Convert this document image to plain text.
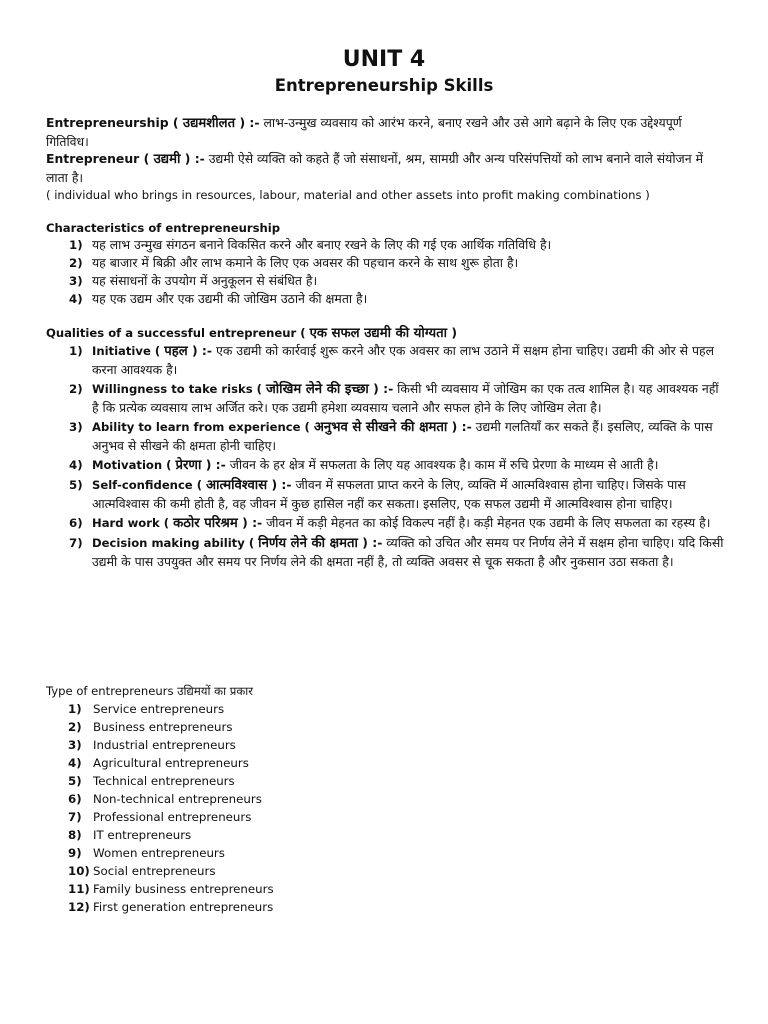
UNIT 4
Entrepreneurship Skills
Entrepreneurship ( उद्यमशीलत ) :- लाभ-उन्मुख व्यवसाय को आरंभ करने, बनाए रखने और उसे आगे बढ़ाने के लिए एक उद्देश्यपूर्ण गितिविध।
Entrepreneur ( उद्यमी ) :- उद्यमी ऐसे व्यक्ति को कहते हैं जो संसाधनों, श्रम, सामग्री और अन्य परिसंपत्तियों को लाभ बनाने वाले संयोजन में लाता है।
( individual who brings in resources, labour, material and other assets into profit making combinations )
Characteristics of entrepreneurship
1) यह लाभ उन्मुख संगठन बनाने विकसित करने और बनाए रखने के लिए की गई एक आर्थिक गतिविधि है।
2) यह बाजार में बिक्री और लाभ कमाने के लिए एक अवसर की पहचान करने के साथ शुरू होता है।
3) यह संसाधनों के उपयोग में अनुकूलन से संबंधित है।
4) यह एक उद्यम और एक उद्यमी की जोखिम उठाने की क्षमता है।
Qualities of a successful entrepreneur ( एक सफल उद्यमी की योग्यता )
1) Initiative ( पहल ) :- एक उद्यमी को कार्रवाई शुरू करने और एक अवसर का लाभ उठाने में सक्षम होना चाहिए। उद्यमी की ओर से पहल करना आवश्यक है।
2) Willingness to take risks ( जोखिम लेने की इच्छा ) :- किसी भी व्यवसाय में जोखिम का एक तत्व शामिल है। यह आवश्यक नहीं है कि प्रत्येक व्यवसाय लाभ अर्जित करे। एक उद्यमी हमेशा व्यवसाय चलाने और सफल होने के लिए जोखिम लेता है।
3) Ability to learn from experience ( अनुभव से सीखने की क्षमता ) :- उद्यमी गलतियाँ कर सकते हैं। इसलिए, व्यक्ति के पास अनुभव से सीखने की क्षमता होनी चाहिए।
4) Motivation ( प्रेरणा ) :- जीवन के हर क्षेत्र में सफलता के लिए यह आवश्यक है। काम में रुचि प्रेरणा के माध्यम से आती है।
5) Self-confidence ( आत्मविश्वास ) :- जीवन में सफलता प्राप्त करने के लिए, व्यक्ति में आत्मविश्वास होना चाहिए। जिसके पास आत्मविश्वास की कमी होती है, वह जीवन में कुछ हासिल नहीं कर सकता। इसलिए, एक सफल उद्यमी में आत्मविश्वास होना चाहिए।
6) Hard work ( कठोर परिश्रम ) :- जीवन में कड़ी मेहनत का कोई विकल्प नहीं है। कड़ी मेहनत एक उद्यमी के लिए सफलता का रहस्य है।
7) Decision making ability ( निर्णय लेने की क्षमता ) :- व्यक्ति को उचित और समय पर निर्णय लेने में सक्षम होना चाहिए। यदि किसी उद्यमी के पास उपयुक्त और समय पर निर्णय लेने की क्षमता नहीं है, तो व्यक्ति अवसर से चूक सकता है और नुकसान उठा सकता है।
Type of entrepreneurs उद्यिमयों का प्रकार
1) Service entrepreneurs
2) Business entrepreneurs
3) Industrial entrepreneurs
4) Agricultural entrepreneurs
5) Technical entrepreneurs
6) Non-technical entrepreneurs
7) Professional entrepreneurs
8) IT entrepreneurs
9) Women entrepreneurs
10) Social entrepreneurs
11) Family business entrepreneurs
12) First generation entrepreneurs
